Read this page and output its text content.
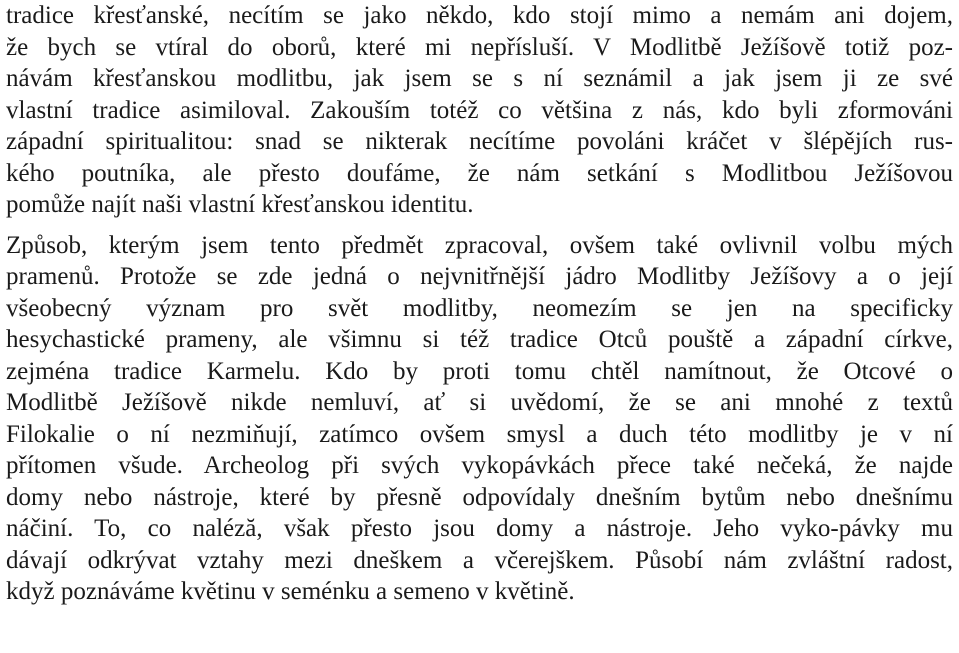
tradice křesťanské, necítím se jako někdo, kdo stojí mimo a nemám ani dojem,
že bych se vtíral do oborů, které mi nepřísluší. V Modlitbě Ježíšově totiž poz-
návám křesťanskou modlitbu, jak jsem se s ní seznámil a jak jsem ji ze své
vlastní tradice asimiloval. Zakouším totéž co většina z nás, kdo byli zformováni
západní spiritualitou: snad se nikterak necítíme povoláni kráčet v šlépějích rus-
kého poutníka, ale přesto doufáme, že nám setkání s Modlitbou Ježíšovou
pomůže najít naši vlastní křesťanskou identitu.
Způsob, kterým jsem tento předmět zpracoval, ovšem také ovlivnil volbu mých
pramenů. Protože se zde jedná o nejvnitřnější jádro Modlitby Ježíšovy a o její
všeobecný význam pro svět modlitby, neomezím se jen na specificky
hesychastické prameny, ale všimnu si též tradice Otců pouště a západní církve,
zejména tradice Karmelu. Kdo by proti tomu chtěl namítnout, že Otcové o
Modlitbě Ježíšově nikde nemluví, ať si uvědomí, že se ani mnohé z textů
Filokalie o ní nezmiňují, zatímco ovšem smysl a duch této modlitby je v ní
přítomen všude. Archeolog při svých vykopávkách přece také nečeká, že najde
domy nebo nástroje, které by přesně odpovídaly dnešním bytům nebo dnešnímu
náčiní. To, co naléză, však přesto jsou domy a nástroje. Jeho vyko-pávky mu
dávají odkrývat vztahy mezi dneškem a včerejškem. Působí nám zvláštní radost,
když poznáváme květinu v seménku a semeno v květině.
